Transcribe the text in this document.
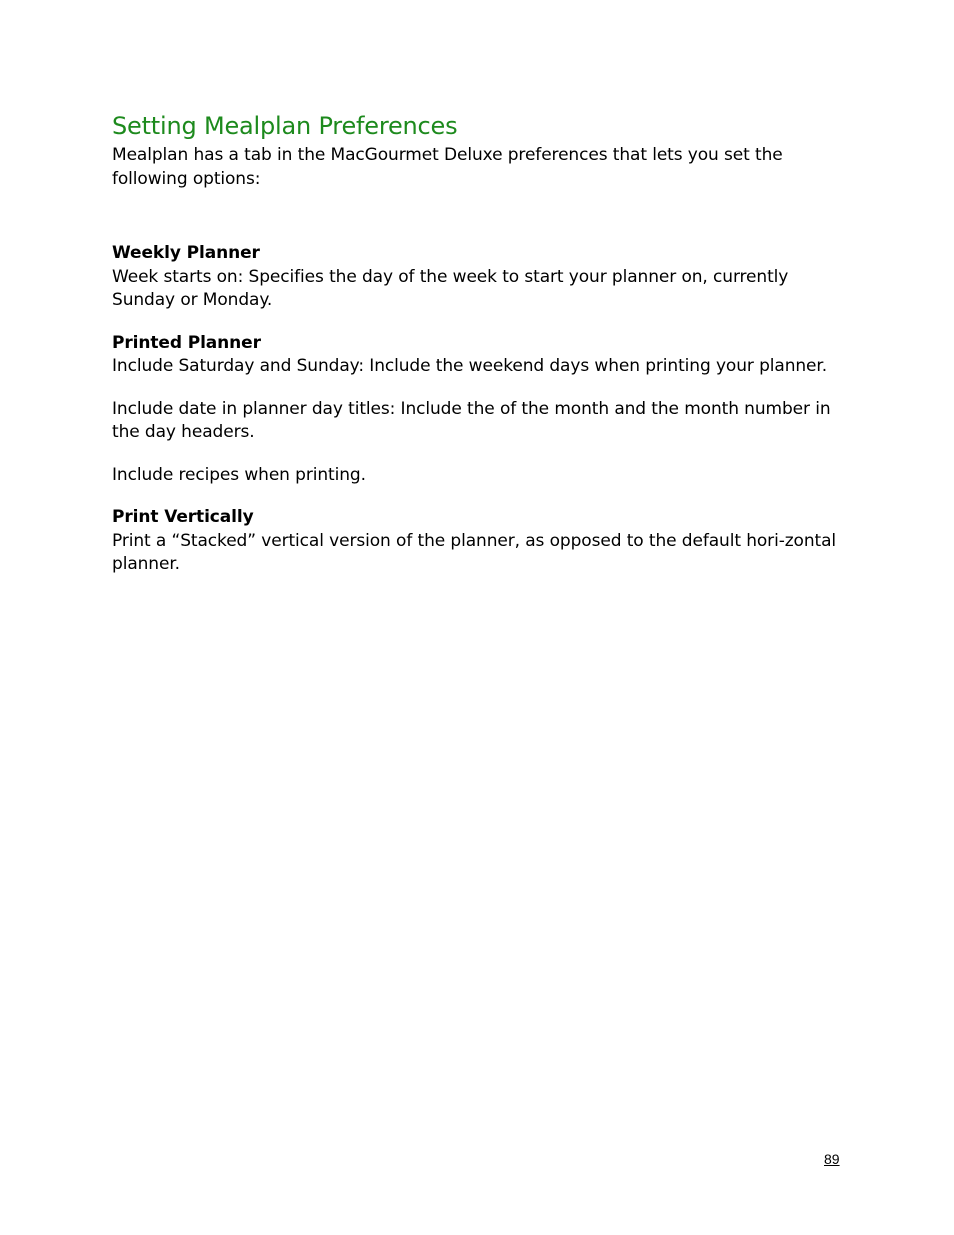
Setting Mealplan Preferences

Mealplan has a tab in the MacGourmet Deluxe preferences that lets you set the following options:

Weekly Planner

Week starts on: Specifies the day of the week to start your planner on, currently Sunday or Monday.

Printed Planner

Include Saturday and Sunday: Include the weekend days when printing your planner.

Include date in planner day titles: Include the of the month and the month number in the day headers.

Include recipes when printing.

Print Vertically

Print a “Stacked” vertical version of the planner, as opposed to the default hori-zontal planner.

89
